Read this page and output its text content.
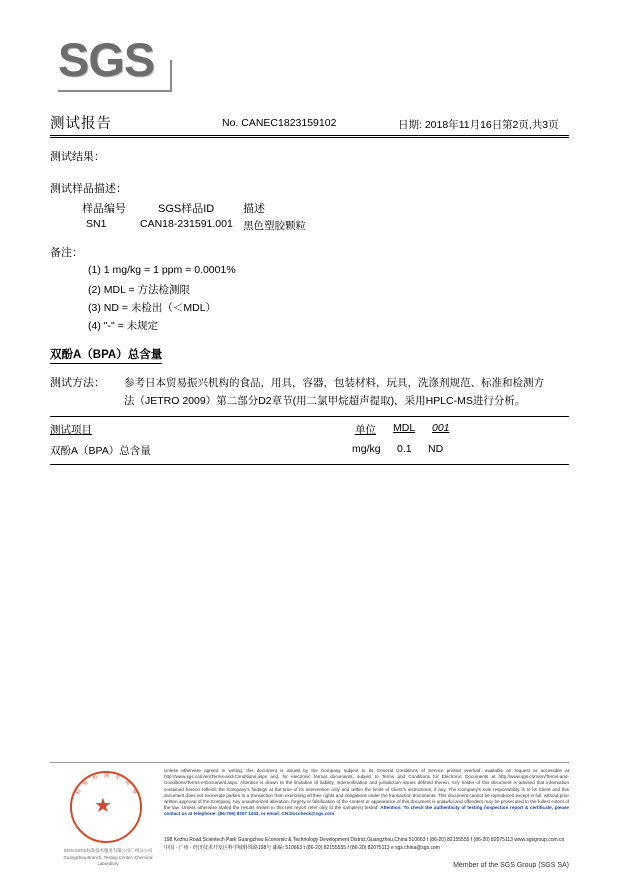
SGS
测试报告	No. CANEC1823159102	日期: 2018年11月16日 第2页,共3页
测试结果：
测试样品描述：
样品编号	SGS样品ID	描述
SN1	CAN18-231591.001 黑色塑胶颗粒
备注：
(1) 1 mg/kg = 1 ppm = 0.0001%
(2) MDL = 方法检测限
(3) ND = 未检出（＜MDL）
(4) "-" = 未规定
双酚A（BPA）总含量
测试方法： 参考日本贸易振兴机构的食品，用具，容器，包装材料，玩具，洗涤剂规范、标准和检测方
法（JETRO 2009）第二部分D2章节(用二氯甲烷超声提取)，采用HPLC-MS进行分析。
测试项目	单位 MDL 001
双酚A（BPA）总含量	mg/kg 0.1 ND
★
检
验
检 测 专
用
章
SGS-CSTC标准技术服务有限公司广州分公司
Guangzhou Branch, Testing Center, Chemical Laboratory
Unless otherwise agreed in writing, this document is issued by the Company subject to its General Conditions of Service printed overleaf, available on request or accessible at http://www.sgs.com/en/Terms-and-Conditions.aspx and, for electronic format documents, subject to Terms and Conditions for Electronic Documents at http://www.sgs.com/en/Terms-and-Conditions/Terms-e-Document.aspx. Attention is drawn to the limitation of liability, indemnification and jurisdiction issues defined therein. Any holder of this document is advised that information contained hereon reflects the Company's findings at the time of its intervention only and within the limits of Client's instructions, if any. The Company's sole responsibility is to its Client and this document does not exonerate parties to a transaction from exercising all their rights and obligations under the transaction documents. This document cannot be reproduced except in full, without prior written approval of the Company. Any unauthorized alteration, forgery or falsification of the content or appearance of this document is unlawful and offenders may be prosecuted to the fullest extent of the law. Unless otherwise stated the results shown in this test report refer only to the sample(s) tested. Attention: To check the authenticity of testing /inspection report & certificate, please contact us at telephone: (86-755) 8307 1443, or email: CN.Doccheck@sgs.com
198 Kezhu Road,Scientech Park Guangzhou Economic & Technology Development District,Guangzhou,China 510663 t (86-20) 82155555 f (86-20) 82075113 www.sgsgroup.com.cn
中国 · 广州 · 经济技术开发区科学城科珠路198号 邮编: 510663 t (86-20) 82155555 f (86-20) 82075113 e sgs.china@sgs.com
Member of the SGS Group (SGS SA)
